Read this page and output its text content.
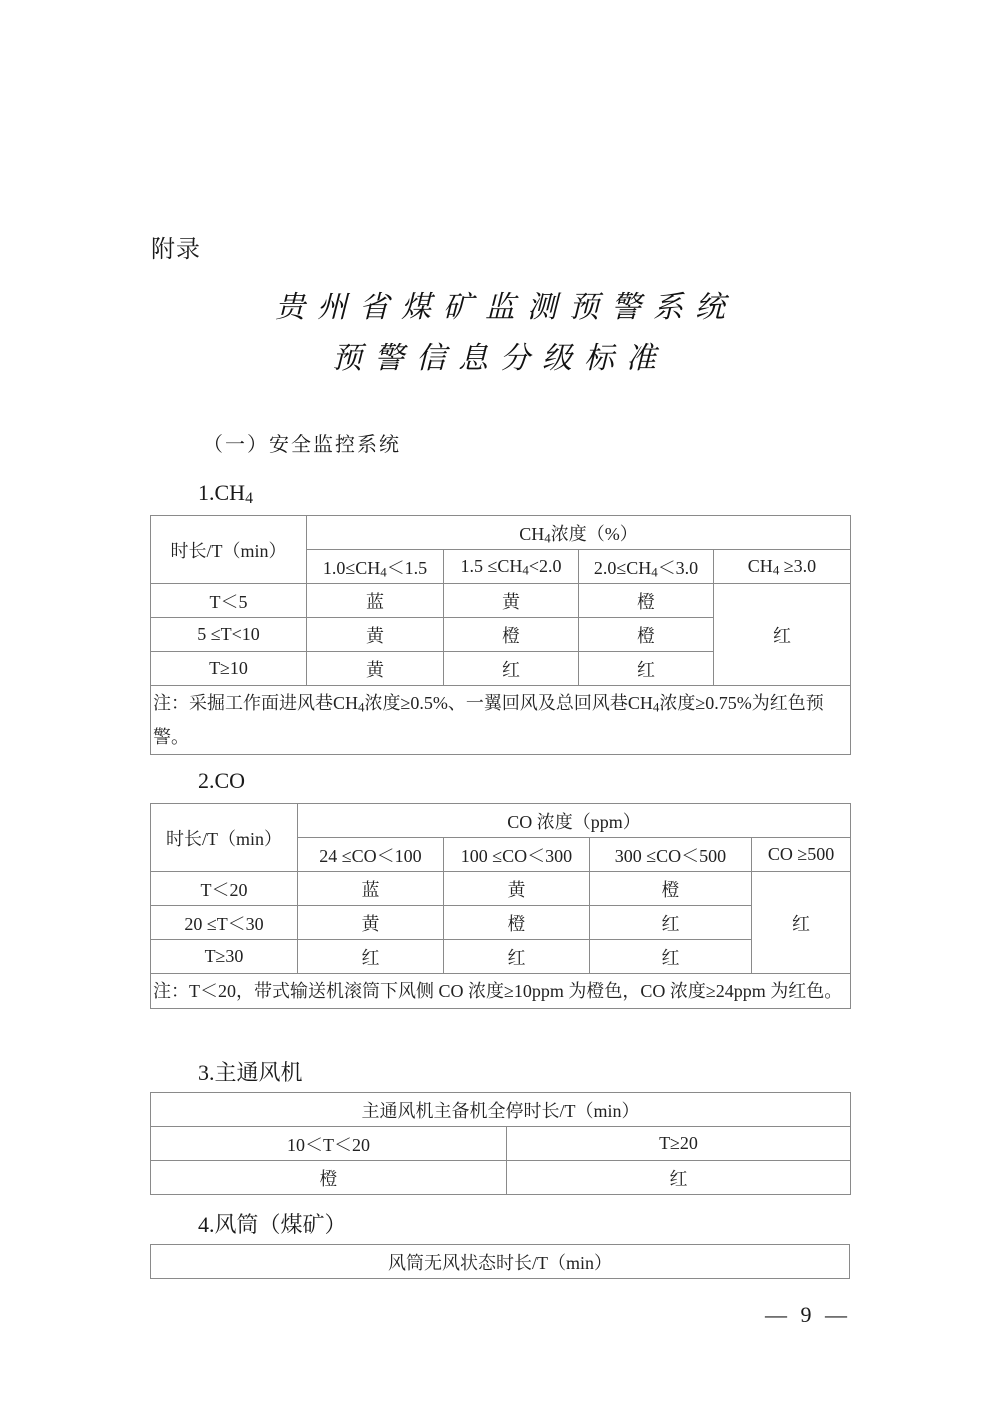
附录
贵州省煤矿监测预警系统
预警信息分级标准
（一）安全监控系统
$1.CH_4$
时长/T（min）	$CH_4$浓度（%）			
	$1.0\le CH_4<1.5$	$1.5 \le CH_4<2.0$	$2.0\le CH_4<3.0$	$CH_4 \ge 3.0$
T＜5	蓝	黄	橙	红
5 ≤T<10	黄	橙	橙	
T≥10	黄	红	红	
注：采掘工作面进风巷$CH_4$浓度≥0.5%、一翼回风及总回风巷$CH_4$浓度≥0.75%为红色预警。				
2.CO
时长/T（min）	CO 浓度（ppm）			
	24 ≤CO＜100	100 ≤CO＜300	300 ≤CO＜500	CO ≥500
T＜20	蓝	黄	橙	红
20 ≤T＜30	黄	橙	红	
T≥30	红	红	红	
注：T＜20，带式输送机滚筒下风侧 CO 浓度≥10ppm 为橙色，CO 浓度≥24ppm 为红色。				
3.主通风机
主通风机主备机全停时长/T（min）	
10＜T＜20	T≥20
橙	红
4.风筒（煤矿）
风筒无风状态时长/T（min）
— 9 —
